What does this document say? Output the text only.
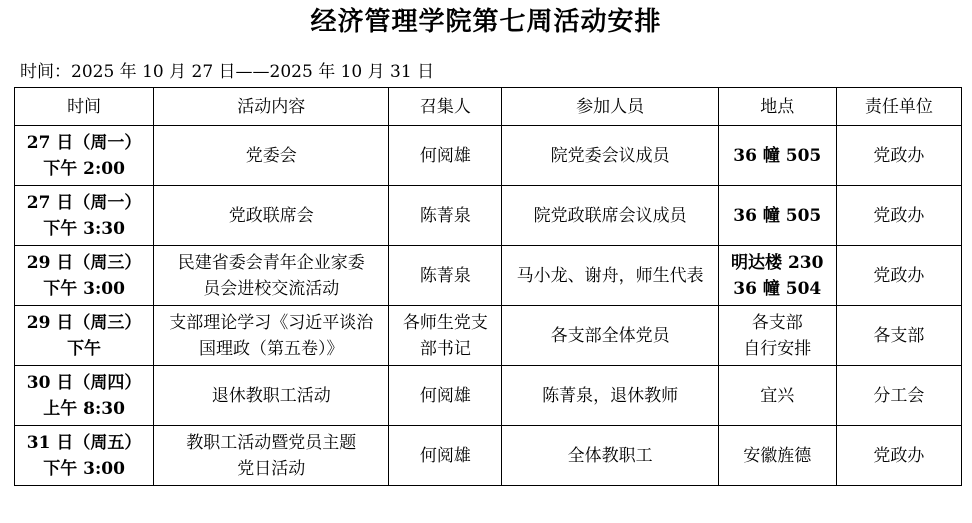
经济管理学院第七周活动安排
时间：2025 年 10 月 27 日——2025 年 10 月 31 日
时间	活动内容	召集人	参加人员	地点	责任单位

27 日（周一）
下午 2:00	党委会	何阅雄	院党委会议成员	36 幢 505	党政办

27 日（周一）
下午 3:30	党政联席会	陈菁泉	院党政联席会议成员	36 幢 505	党政办

29 日（周三）
下午 3:00	民建省委会青年企业家委
员会进校交流活动	陈菁泉	马小龙、谢舟，师生代表	明达楼 230
36 幢 504	党政办

29 日（周三）
下午	支部理论学习《习近平谈治
国理政（第五卷）》	各师生党支
部书记	各支部全体党员	各支部
自行安排	各支部

30 日（周四）
上午 8:30	退休教职工活动	何阅雄	陈菁泉，退休教师	宜兴	分工会

31 日（周五）
下午 3:00	教职工活动暨党员主题
党日活动	何阅雄	全体教职工	安徽旌德	党政办
